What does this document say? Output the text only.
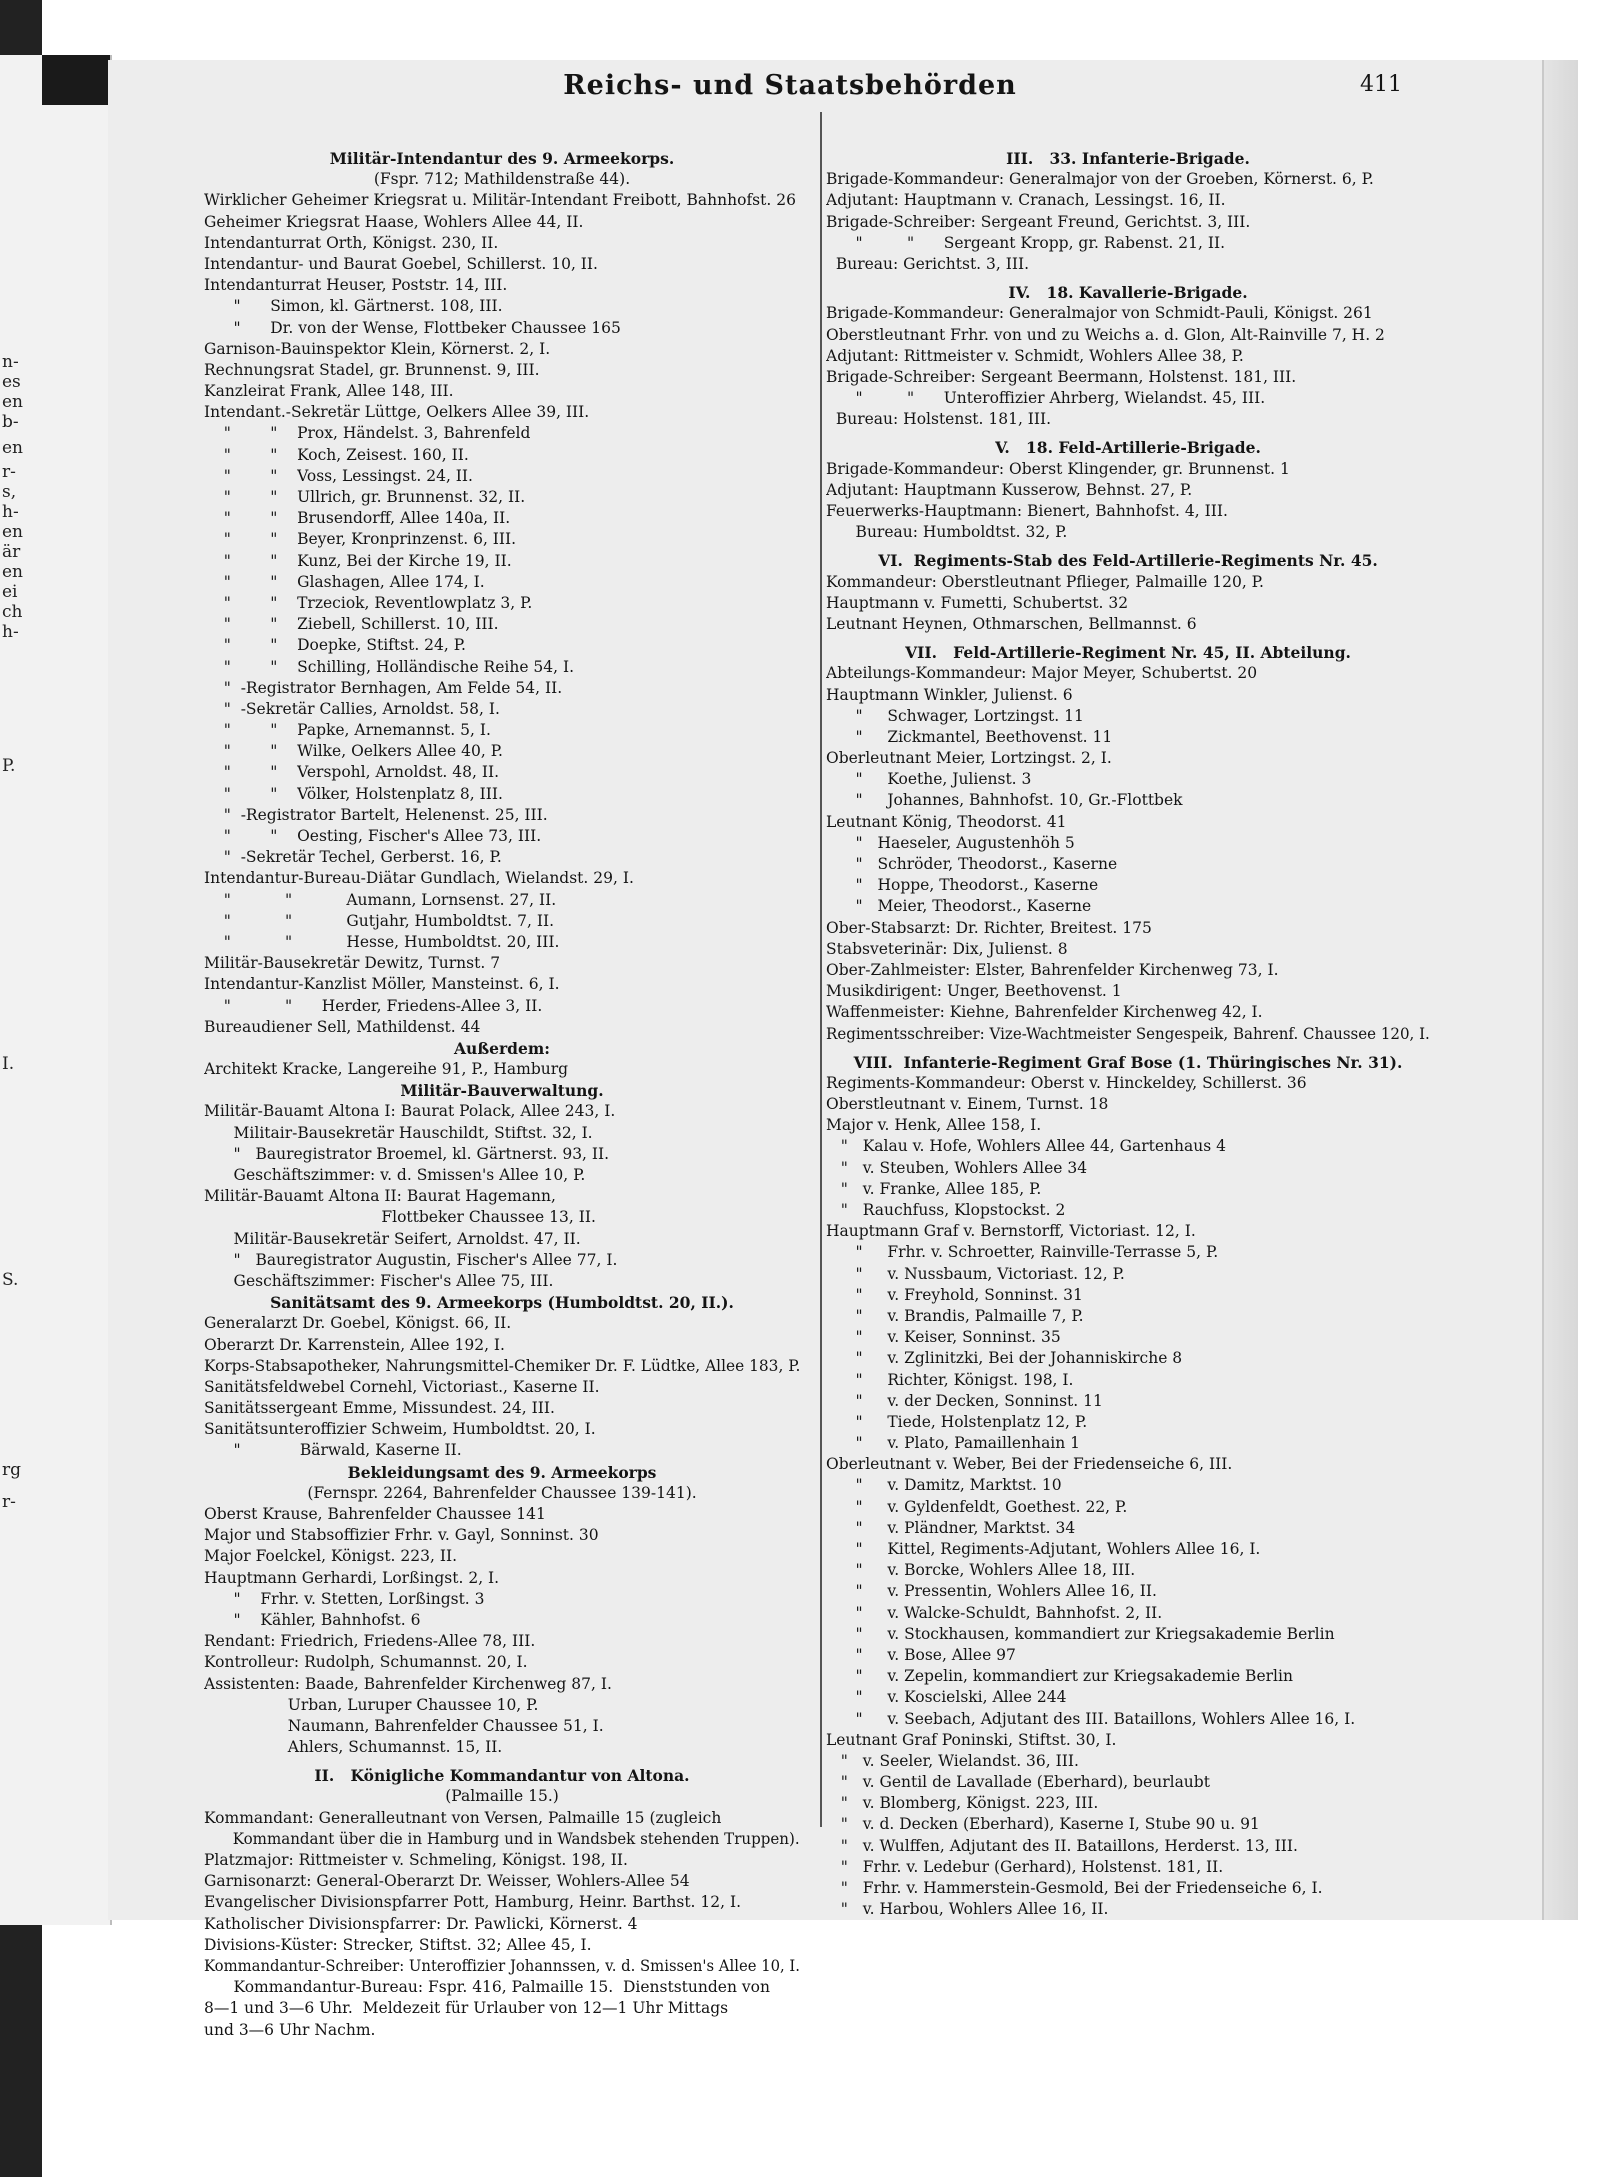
n-
es
en
b-
en
r-
s,
h-
en
är
en
ei
ch
h-
P.
I.
S.
rg
r-
Reichs- und Staatsbehörden	411
Militär-Intendantur des 9. Armeekorps.
(Fspr. 712; Mathildenstraße 44).
Wirklicher Geheimer Kriegsrat u. Militär-Intendant Freibott, Bahnhofst. 26
Geheimer Kriegsrat Haase, Wohlers Allee 44, II.
Intendanturrat Orth, Königst. 230, II.
Intendantur- und Baurat Goebel, Schillerst. 10, II.
Intendanturrat Heuser, Poststr. 14, III.
"      Simon, kl. Gärtnerst. 108, III.
"      Dr. von der Wense, Flottbeker Chaussee 165
Garnison-Bauinspektor Klein, Körnerst. 2, I.
Rechnungsrat Stadel, gr. Brunnenst. 9, III.
Kanzleirat Frank, Allee 148, III.
Intendant.-Sekretär Lüttge, Oelkers Allee 39, III.
"        "    Prox, Händelst. 3, Bahrenfeld
"        "    Koch, Zeisest. 160, II.
"        "    Voss, Lessingst. 24, II.
"        "    Ullrich, gr. Brunnenst. 32, II.
"        "    Brusendorff, Allee 140a, II.
"        "    Beyer, Kronprinzenst. 6, III.
"        "    Kunz, Bei der Kirche 19, II.
"        "    Glashagen, Allee 174, I.
"        "    Trzeciok, Reventlowplatz 3, P.
"        "    Ziebell, Schillerst. 10, III.
"        "    Doepke, Stiftst. 24, P.
"        "    Schilling, Holländische Reihe 54, I.
"  -Registrator Bernhagen, Am Felde 54, II.
"  -Sekretär Callies, Arnoldst. 58, I.
"        "    Papke, Arnemannst. 5, I.
"        "    Wilke, Oelkers Allee 40, P.
"        "    Verspohl, Arnoldst. 48, II.
"        "    Völker, Holstenplatz 8, III.
"  -Registrator Bartelt, Helenenst. 25, III.
"        "    Oesting, Fischer's Allee 73, III.
"  -Sekretär Techel, Gerberst. 16, P.
Intendantur-Bureau-Diätar Gundlach, Wielandst. 29, I.
"           "           Aumann, Lornsenst. 27, II.
"           "           Gutjahr, Humboldtst. 7, II.
"           "           Hesse, Humboldtst. 20, III.
Militär-Bausekretär Dewitz, Turnst. 7
Intendantur-Kanzlist Möller, Mansteinst. 6, I.
"           "      Herder, Friedens-Allee 3, II.
Bureaudiener Sell, Mathildenst. 44
Außerdem:
Architekt Kracke, Langereihe 91, P., Hamburg
Militär-Bauverwaltung.
Militär-Bauamt Altona I: Baurat Polack, Allee 243, I.
Militair-Bausekretär Hauschildt, Stiftst. 32, I.
"   Bauregistrator Broemel, kl. Gärtnerst. 93, II.
Geschäftszimmer: v. d. Smissen's Allee 10, P.
Militär-Bauamt Altona II: Baurat Hagemann,
Flottbeker Chaussee 13, II.
Militär-Bausekretär Seifert, Arnoldst. 47, II.
"   Bauregistrator Augustin, Fischer's Allee 77, I.
Geschäftszimmer: Fischer's Allee 75, III.
Sanitätsamt des 9. Armeekorps (Humboldtst. 20, II.).
Generalarzt Dr. Goebel, Königst. 66, II.
Oberarzt Dr. Karrenstein, Allee 192, I.
Korps-Stabsapotheker, Nahrungsmittel-Chemiker Dr. F. Lüdtke, Allee 183, P.
Sanitätsfeldwebel Cornehl, Victoriast., Kaserne II.
Sanitätssergeant Emme, Missundest. 24, III.
Sanitätsunteroffizier Schweim, Humboldtst. 20, I.
"            Bärwald, Kaserne II.
Bekleidungsamt des 9. Armeekorps
(Fernspr. 2264, Bahrenfelder Chaussee 139-141).
Oberst Krause, Bahrenfelder Chaussee 141
Major und Stabsoffizier Frhr. v. Gayl, Sonninst. 30
Major Foelckel, Königst. 223, II.
Hauptmann Gerhardi, Lorßingst. 2, I.
"    Frhr. v. Stetten, Lorßingst. 3
"    Kähler, Bahnhofst. 6
Rendant: Friedrich, Friedens-Allee 78, III.
Kontrolleur: Rudolph, Schumannst. 20, I.
Assistenten: Baade, Bahrenfelder Kirchenweg 87, I.
Urban, Luruper Chaussee 10, P.
Naumann, Bahrenfelder Chaussee 51, I.
Ahlers, Schumannst. 15, II.
II.   Königliche Kommandantur von Altona.
(Palmaille 15.)
Kommandant: Generalleutnant von Versen, Palmaille 15 (zugleich
Kommandant über die in Hamburg und in Wandsbek stehenden Truppen).
Platzmajor: Rittmeister v. Schmeling, Königst. 198, II.
Garnisonarzt: General-Oberarzt Dr. Weisser, Wohlers-Allee 54
Evangelischer Divisionspfarrer Pott, Hamburg, Heinr. Barthst. 12, I.
Katholischer Divisionspfarrer: Dr. Pawlicki, Körnerst. 4
Divisions-Küster: Strecker, Stiftst. 32; Allee 45, I.
Kommandantur-Schreiber: Unteroffizier Johannssen, v. d. Smissen's Allee 10, I.
Kommandantur-Bureau: Fspr. 416, Palmaille 15.  Dienststunden von
8—1 und 3—6 Uhr.  Meldezeit für Urlauber von 12—1 Uhr Mittags
und 3—6 Uhr Nachm.
III.   33. Infanterie-Brigade.
Brigade-Kommandeur: Generalmajor von der Groeben, Körnerst. 6, P.
Adjutant: Hauptmann v. Cranach, Lessingst. 16, II.
Brigade-Schreiber: Sergeant Freund, Gerichtst. 3, III.
"         "      Sergeant Kropp, gr. Rabenst. 21, II.
Bureau: Gerichtst. 3, III.
IV.   18. Kavallerie-Brigade.
Brigade-Kommandeur: Generalmajor von Schmidt-Pauli, Königst. 261
Oberstleutnant Frhr. von und zu Weichs a. d. Glon, Alt-Rainville 7, H. 2
Adjutant: Rittmeister v. Schmidt, Wohlers Allee 38, P.
Brigade-Schreiber: Sergeant Beermann, Holstenst. 181, III.
"         "      Unteroffizier Ahrberg, Wielandst. 45, III.
Bureau: Holstenst. 181, III.
V.   18. Feld-Artillerie-Brigade.
Brigade-Kommandeur: Oberst Klingender, gr. Brunnenst. 1
Adjutant: Hauptmann Kusserow, Behnst. 27, P.
Feuerwerks-Hauptmann: Bienert, Bahnhofst. 4, III.
Bureau: Humboldtst. 32, P.
VI.  Regiments-Stab des Feld-Artillerie-Regiments Nr. 45.
Kommandeur: Oberstleutnant Pflieger, Palmaille 120, P.
Hauptmann v. Fumetti, Schubertst. 32
Leutnant Heynen, Othmarschen, Bellmannst. 6
VII.   Feld-Artillerie-Regiment Nr. 45, II. Abteilung.
Abteilungs-Kommandeur: Major Meyer, Schubertst. 20
Hauptmann Winkler, Julienst. 6
"     Schwager, Lortzingst. 11
"     Zickmantel, Beethovenst. 11
Oberleutnant Meier, Lortzingst. 2, I.
"     Koethe, Julienst. 3
"     Johannes, Bahnhofst. 10, Gr.-Flottbek
Leutnant König, Theodorst. 41
"   Haeseler, Augustenhöh 5
"   Schröder, Theodorst., Kaserne
"   Hoppe, Theodorst., Kaserne
"   Meier, Theodorst., Kaserne
Ober-Stabsarzt: Dr. Richter, Breitest. 175
Stabsveterinär: Dix, Julienst. 8
Ober-Zahlmeister: Elster, Bahrenfelder Kirchenweg 73, I.
Musikdirigent: Unger, Beethovenst. 1
Waffenmeister: Kiehne, Bahrenfelder Kirchenweg 42, I.
Regimentsschreiber: Vize-Wachtmeister Sengespeik, Bahrenf. Chaussee 120, I.
VIII.  Infanterie-Regiment Graf Bose (1. Thüringisches Nr. 31).
Regiments-Kommandeur: Oberst v. Hinckeldey, Schillerst. 36
Oberstleutnant v. Einem, Turnst. 18
Major v. Henk, Allee 158, I.
"   Kalau v. Hofe, Wohlers Allee 44, Gartenhaus 4
"   v. Steuben, Wohlers Allee 34
"   v. Franke, Allee 185, P.
"   Rauchfuss, Klopstockst. 2
Hauptmann Graf v. Bernstorff, Victoriast. 12, I.
"     Frhr. v. Schroetter, Rainville-Terrasse 5, P.
"     v. Nussbaum, Victoriast. 12, P.
"     v. Freyhold, Sonninst. 31
"     v. Brandis, Palmaille 7, P.
"     v. Keiser, Sonninst. 35
"     v. Zglinitzki, Bei der Johanniskirche 8
"     Richter, Königst. 198, I.
"     v. der Decken, Sonninst. 11
"     Tiede, Holstenplatz 12, P.
"     v. Plato, Pamaillenhain 1
Oberleutnant v. Weber, Bei der Friedenseiche 6, III.
"     v. Damitz, Marktst. 10
"     v. Gyldenfeldt, Goethest. 22, P.
"     v. Pländner, Marktst. 34
"     Kittel, Regiments-Adjutant, Wohlers Allee 16, I.
"     v. Borcke, Wohlers Allee 18, III.
"     v. Pressentin, Wohlers Allee 16, II.
"     v. Walcke-Schuldt, Bahnhofst. 2, II.
"     v. Stockhausen, kommandiert zur Kriegsakademie Berlin
"     v. Bose, Allee 97
"     v. Zepelin, kommandiert zur Kriegsakademie Berlin
"     v. Koscielski, Allee 244
"     v. Seebach, Adjutant des III. Bataillons, Wohlers Allee 16, I.
Leutnant Graf Poninski, Stiftst. 30, I.
"   v. Seeler, Wielandst. 36, III.
"   v. Gentil de Lavallade (Eberhard), beurlaubt
"   v. Blomberg, Königst. 223, III.
"   v. d. Decken (Eberhard), Kaserne I, Stube 90 u. 91
"   v. Wulffen, Adjutant des II. Bataillons, Herderst. 13, III.
"   Frhr. v. Ledebur (Gerhard), Holstenst. 181, II.
"   Frhr. v. Hammerstein-Gesmold, Bei der Friedenseiche 6, I.
"   v. Harbou, Wohlers Allee 16, II.
